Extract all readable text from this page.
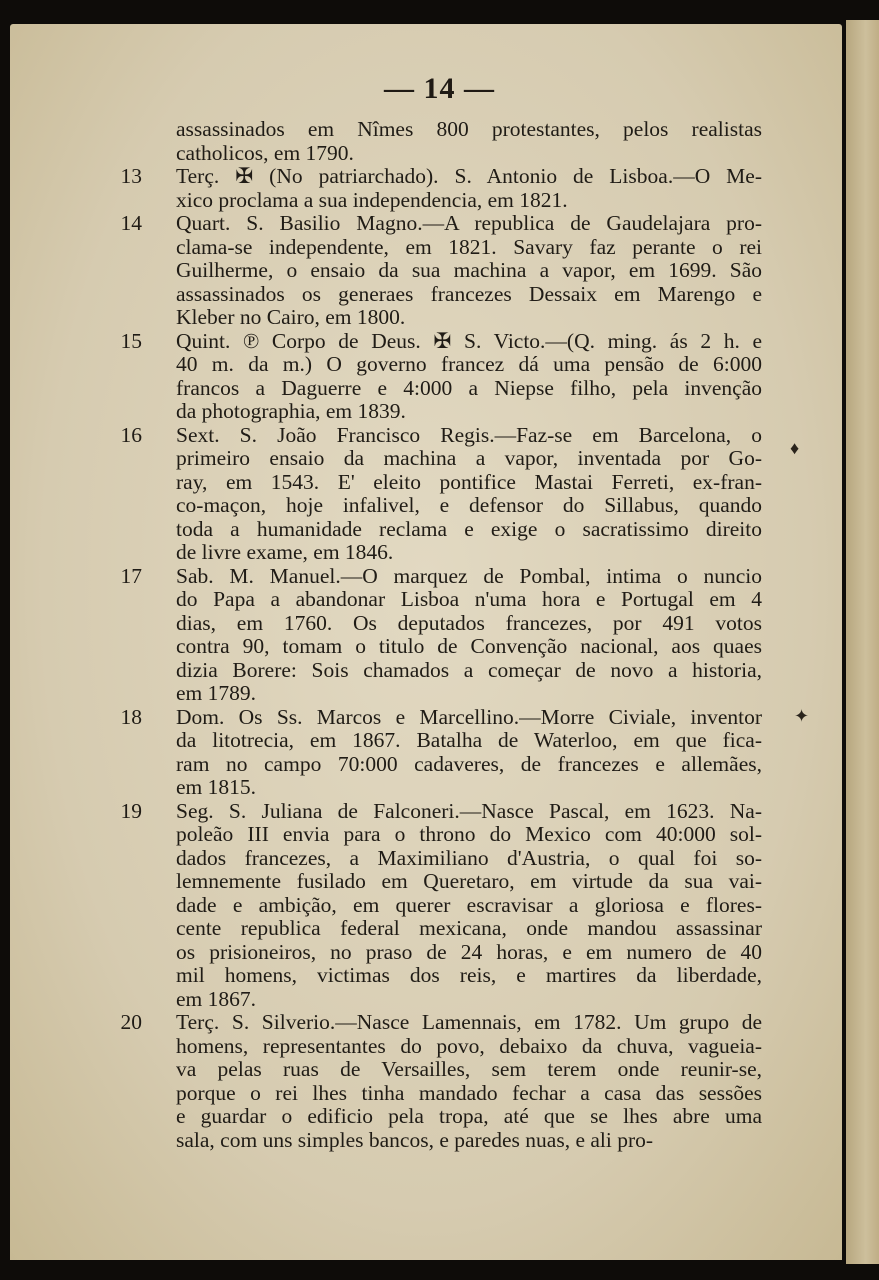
— 14 —

assassinados em Nîmes 800 protestantes, pelos realistas

catholicos, em 1790.

13 Terç. ✠ (No patriarchado). S. Antonio de Lisboa.—O Me-

xico proclama a sua independencia, em 1821.

14 Quart. S. Basilio Magno.—A republica de Gaudelajara pro-

clama-se independente, em 1821. Savary faz perante o rei

Guilherme, o ensaio da sua machina a vapor, em 1699. São

assassinados os generaes francezes Dessaix em Marengo e

Kleber no Cairo, em 1800.

15 Quint. ℗ Corpo de Deus. ✠ S. Victo.—(Q. ming. ás 2 h. e

40 m. da m.) O governo francez dá uma pensão de 6:000

francos a Daguerre e 4:000 a Niepse filho, pela invenção

da photographia, em 1839.

16 Sext. S. João Francisco Regis.—Faz-se em Barcelona, o

primeiro ensaio da machina a vapor, inventada por Go-

ray, em 1543. E' eleito pontifice Mastai Ferreti, ex-fran-

co-maçon, hoje infalivel, e defensor do Sillabus, quando

toda a humanidade reclama e exige o sacratissimo direito

de livre exame, em 1846.

17 Sab. M. Manuel.—O marquez de Pombal, intima o nuncio

do Papa a abandonar Lisboa n'uma hora e Portugal em 4

dias, em 1760. Os deputados francezes, por 491 votos

contra 90, tomam o titulo de Convenção nacional, aos quaes

dizia Borere: Sois chamados a começar de novo a historia,

em 1789.

18 Dom. Os Ss. Marcos e Marcellino.—Morre Civiale, inventor

da litotrecia, em 1867. Batalha de Waterloo, em que fica-

ram no campo 70:000 cadaveres, de francezes e allemães,

em 1815.

19 Seg. S. Juliana de Falconeri.—Nasce Pascal, em 1623. Na-

poleão III envia para o throno do Mexico com 40:000 sol-

dados francezes, a Maximiliano d'Austria, o qual foi so-

lemnemente fusilado em Queretaro, em virtude da sua vai-

dade e ambição, em querer escravisar a gloriosa e flores-

cente republica federal mexicana, onde mandou assassinar

os prisioneiros, no praso de 24 horas, e em numero de 40

mil homens, victimas dos reis, e martires da liberdade,

em 1867.

20 Terç. S. Silverio.—Nasce Lamennais, em 1782. Um grupo de

homens, representantes do povo, debaixo da chuva, vagueia-

va pelas ruas de Versailles, sem terem onde reunir-se,

porque o rei lhes tinha mandado fechar a casa das sessões

e guardar o edificio pela tropa, até que se lhes abre uma

sala, com uns simples bancos, e paredes nuas, e ali pro-

♦
✦
